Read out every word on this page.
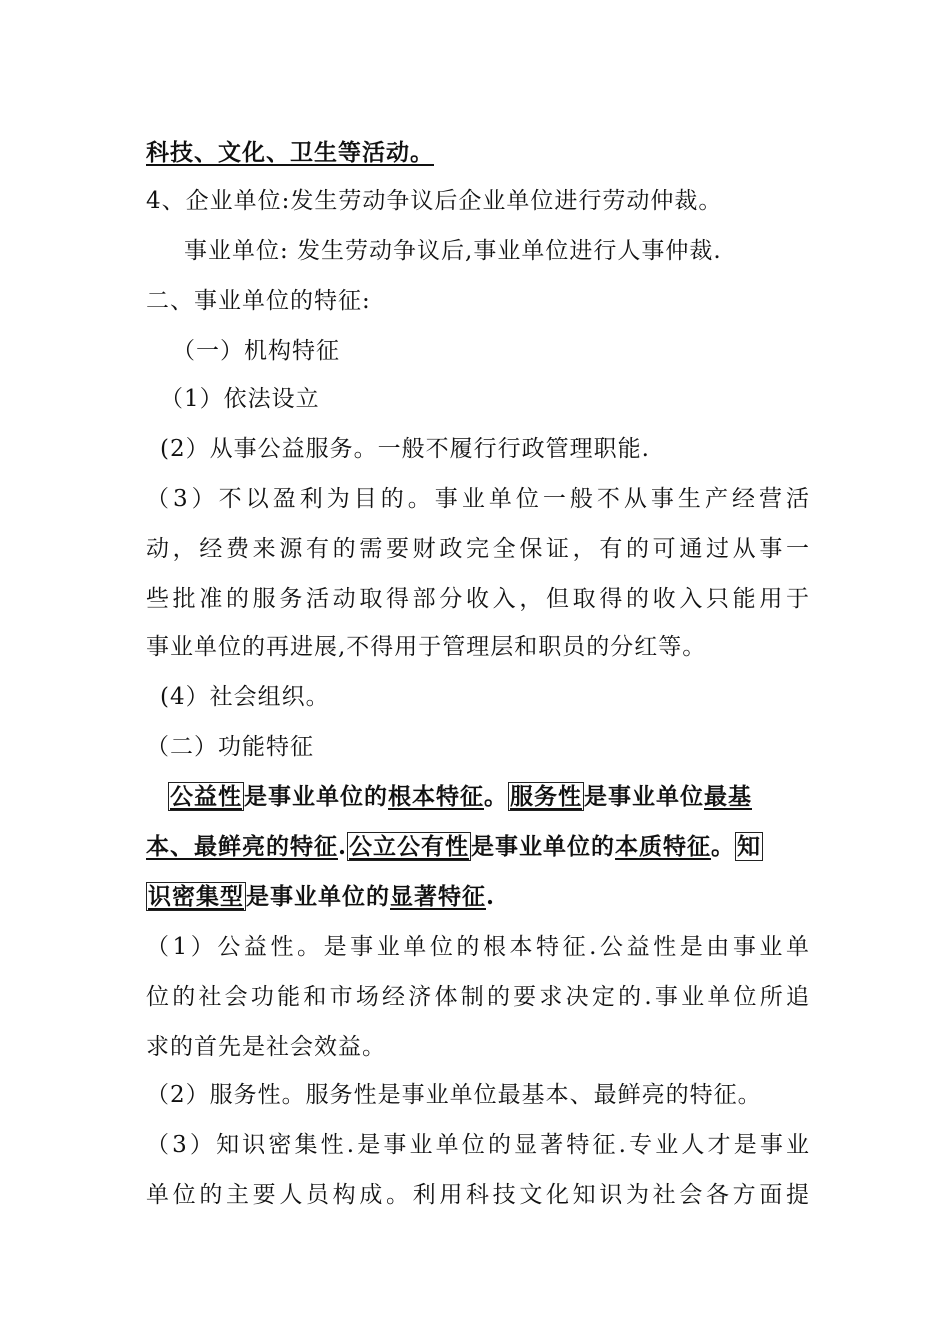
科技、文化、卫生等活动。
4、企业单位:发生劳动争议后企业单位进行劳动仲裁。
事业单位: 发生劳动争议后,事业单位进行人事仲裁.
二、事业单位的特征:
（一）机构特征
（1）依法设立
(2）从事公益服务。一般不履行行政管理职能.
（3）不以盈利为目的。事业单位一般不从事生产经营活
动，经费来源有的需要财政完全保证，有的可通过从事一
些批准的服务活动取得部分收入，但取得的收入只能用于
事业单位的再进展,不得用于管理层和职员的分红等。
(4）社会组织。
（二）功能特征
公益性是事业单位的根本特征。服务性是事业单位最基
本、最鲜亮的特征.公立公有性是事业单位的本质特征。知
识密集型是事业单位的显著特征.
（1）公益性。是事业单位的根本特征.公益性是由事业单
位的社会功能和市场经济体制的要求决定的.事业单位所追
求的首先是社会效益。
（2）服务性。服务性是事业单位最基本、最鲜亮的特征。
（3）知识密集性.是事业单位的显著特征.专业人才是事业
单位的主要人员构成。利用科技文化知识为社会各方面提
